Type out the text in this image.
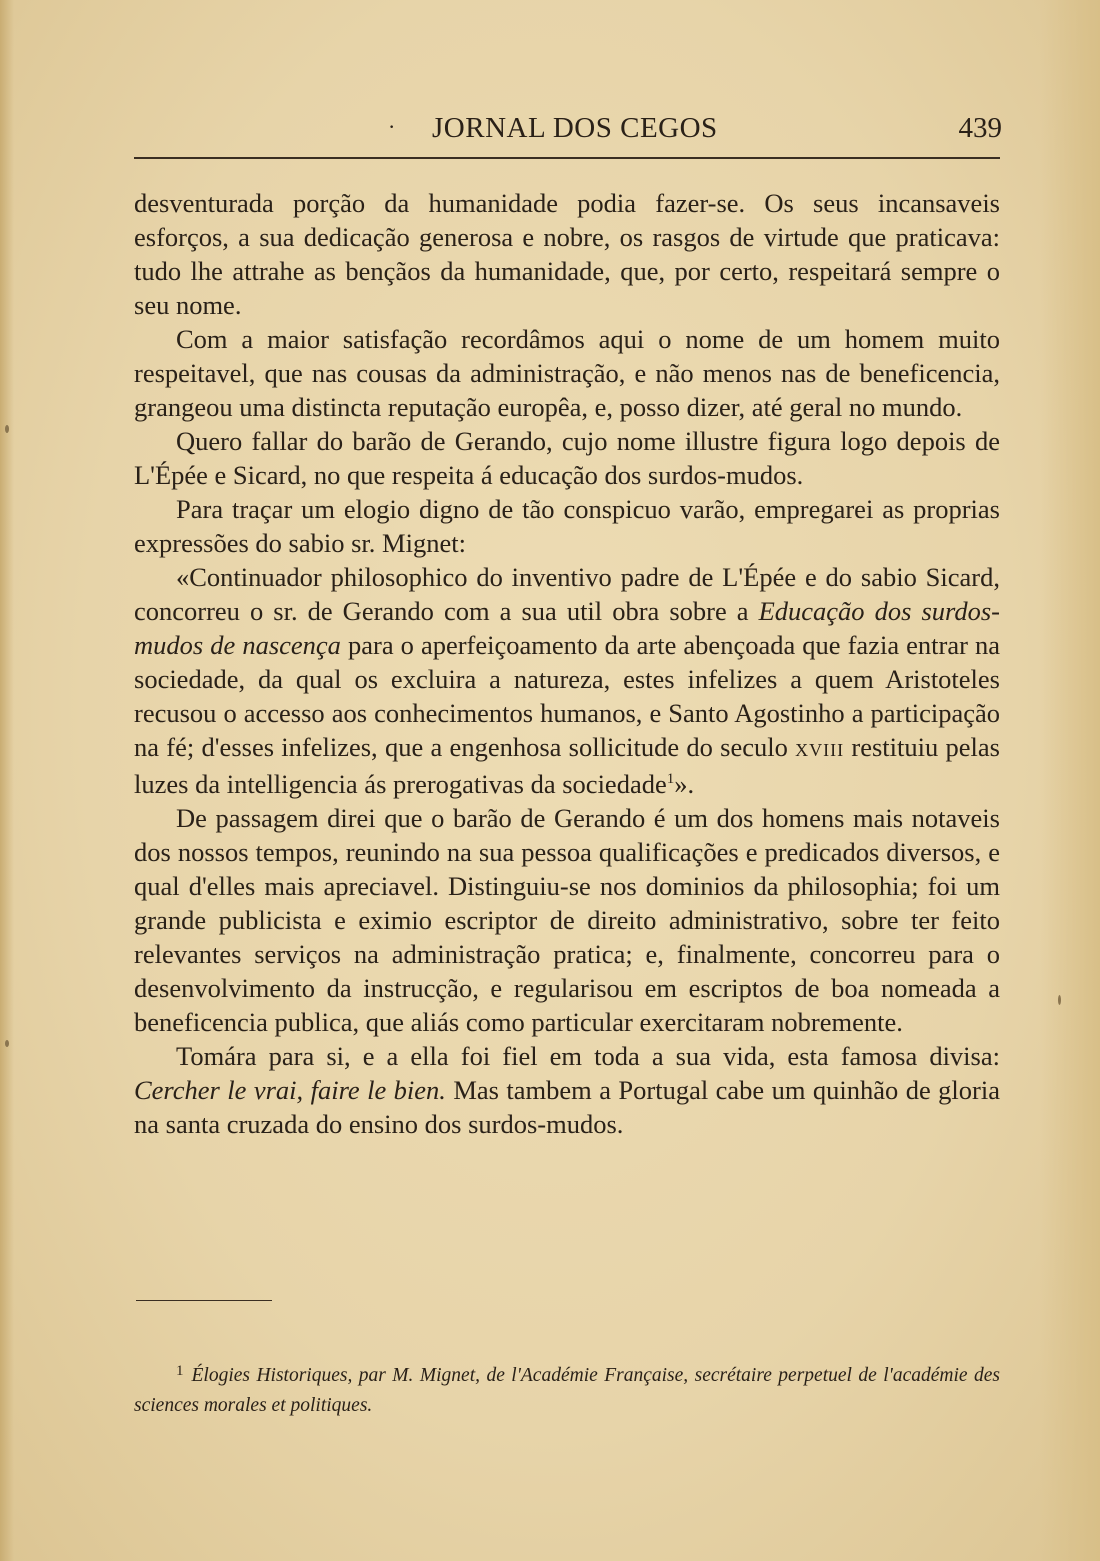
· JORNAL DOS CEGOS	439

desventurada porção da humanidade podia fazer-se. Os seus incansaveis esforços, a sua dedicação generosa e nobre, os rasgos de virtude que praticava: tudo lhe attrahe as bençãos da humanidade, que, por certo, respeitará sempre o seu nome.

Com a maior satisfação recordâmos aqui o nome de um homem muito respeitavel, que nas cousas da administração, e não menos nas de beneficencia, grangeou uma distincta reputação europêa, e, posso dizer, até geral no mundo.

Quero fallar do barão de Gerando, cujo nome illustre figura logo depois de L'Épée e Sicard, no que respeita á educação dos surdos-mudos.

Para traçar um elogio digno de tão conspicuo varão, empregarei as proprias expressões do sabio sr. Mignet:

«Continuador philosophico do inventivo padre de L'Épée e do sabio Sicard, concorreu o sr. de Gerando com a sua util obra sobre a Educação dos surdos-mudos de nascença para o aperfeiçoamento da arte abençoada que fazia entrar na sociedade, da qual os excluira a natureza, estes infelizes a quem Aristoteles recusou o accesso aos conhecimentos humanos, e Santo Agostinho a participação na fé; d'esses infelizes, que a engenhosa sollicitude do seculo XVIII restituiu pelas luzes da intelligencia ás prerogativas da sociedade$^1$».

De passagem direi que o barão de Gerando é um dos homens mais notaveis dos nossos tempos, reunindo na sua pessoa qualificações e predicados diversos, e qual d'elles mais apreciavel. Distinguiu-se nos dominios da philosophia; foi um grande publicista e eximio escriptor de direito administrativo, sobre ter feito relevantes serviços na administração pratica; e, finalmente, concorreu para o desenvolvimento da instrucção, e regularisou em escriptos de boa nomeada a beneficencia publica, que aliás como particular exercitaram nobremente.

Tomára para si, e a ella foi fiel em toda a sua vida, esta famosa divisa: Cercher le vrai, faire le bien. Mas tambem a Portugal cabe um quinhão de gloria na santa cruzada do ensino dos surdos-mudos.

$^1$ Élogies Historiques, par M. Mignet, de l'Académie Française, secrétaire perpetuel de l'académie des sciences morales et politiques.
